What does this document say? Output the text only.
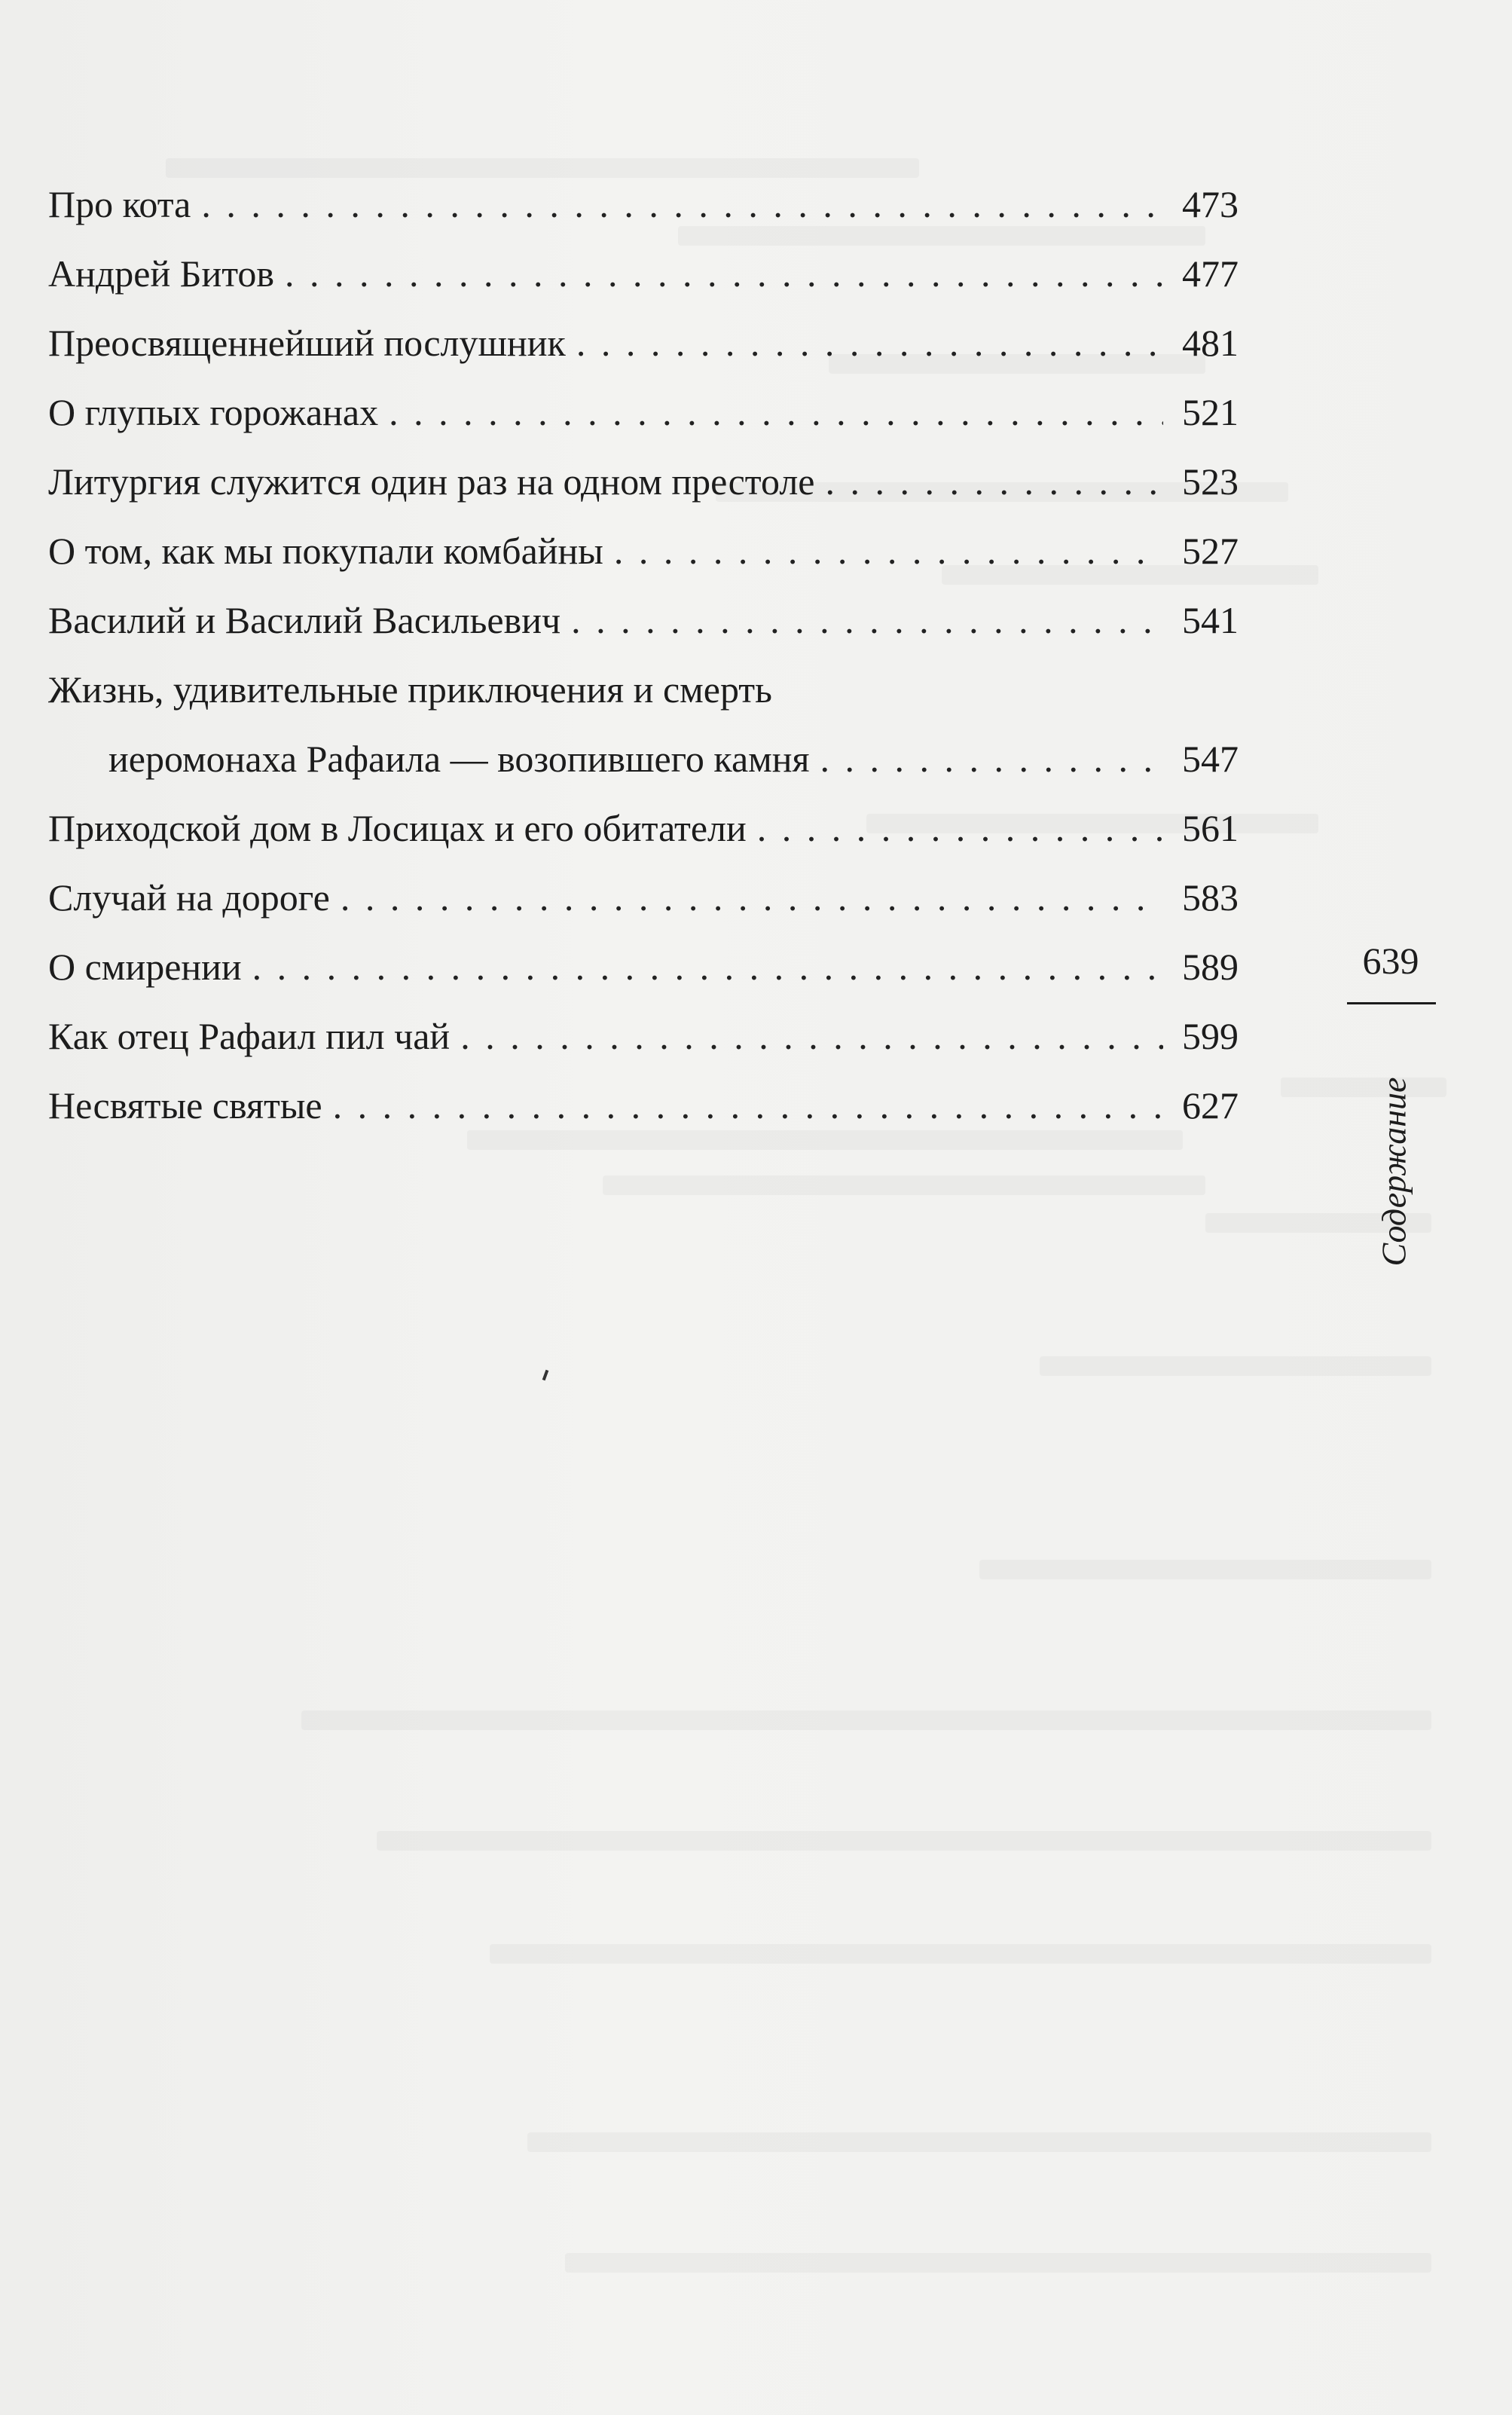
Про кота . . .	473
Андрей Битов . . .	477
Преосвященнейший послушник . . .	481
О глупых горожанах . . .	521
Литургия служится один раз на одном престоле . . .	523
О том, как мы покупали комбайны . . .	527
Василий и Василий Васильевич . . .	541
Жизнь, удивительные приключения и смерть
иеромонаха Рафаила — возопившего камня . . .	547
Приходской дом в Лосицах и его обитатели . . .	561
Случай на дороге . . .	583
О смирении . . .	589
Как отец Рафаил пил чай . . .	599
Несвятые святые . . .	627
639
Содержание
